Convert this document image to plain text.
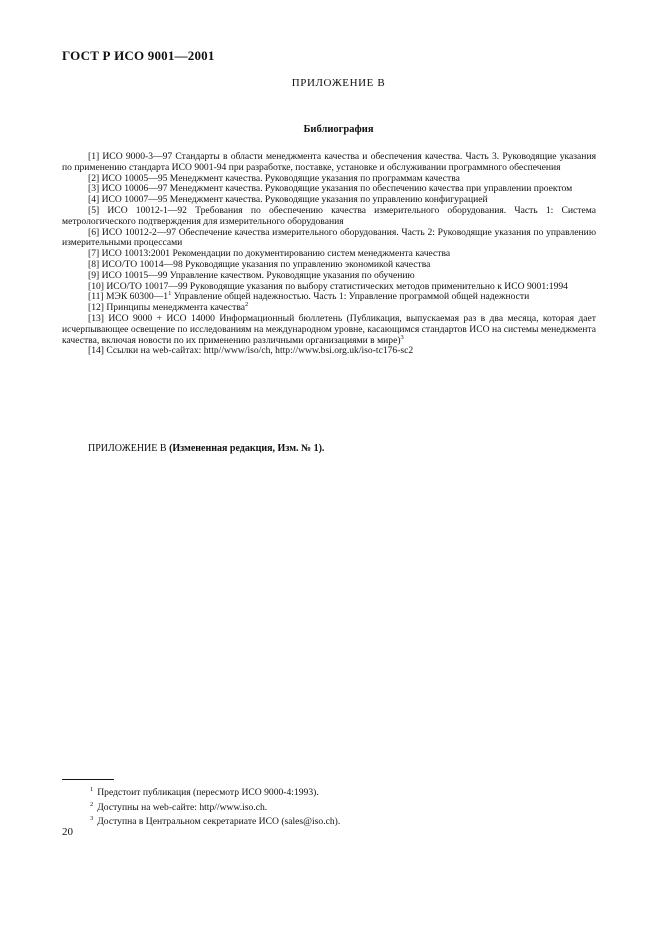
ГОСТ Р ИСО 9001—2001
ПРИЛОЖЕНИЕ В
Библиография

[1] ИСО 9000-3—97 Стандарты в области менеджмента качества и обеспечения качества. Часть 3. Руководящие указания по применению стандарта ИСО 9001-94 при разработке, поставке, установке и обслуживании программного обеспечения

[2] ИСО 10005—95 Менеджмент качества. Руководящие указания по программам качества

[3] ИСО 10006—97 Менеджмент качества. Руководящие указания по обеспечению качества при управлении проектом

[4] ИСО 10007—95 Менеджмент качества. Руководящие указания по управлению конфигурацией

[5] ИСО 10012-1—92 Требования по обеспечению качества измерительного оборудования. Часть 1: Система метрологического подтверждения для измерительного оборудования

[6] ИСО 10012-2—97 Обеспечение качества измерительного оборудования. Часть 2: Руководящие указания по управлению измерительными процессами

[7] ИСО 10013:2001 Рекомендации по документированию систем менеджмента качества

[8] ИСО/ТО 10014—98 Руководящие указания по управлению экономикой качества

[9] ИСО 10015—99 Управление качеством. Руководящие указания по обучению

[10] ИСО/ТО 10017—99 Руководящие указания по выбору статистических методов применительно к ИСО 9001:1994

[11] МЭК $60300—1^1$ Управление общей надежностью. Часть 1: Управление программой общей надежности

[12] Принципы менеджмента качества$^2$

[13] ИСО 9000 + ИСО 14000 Информационный бюллетень (Публикация, выпускаемая раз в два месяца, которая дает исчерпывающее освещение по исследованиям на международном уровне, касающимся стандартов ИСО на системы менеджмента качества, включая новости по их применению различными организациями в мире)$^3$

[14] Ссылки на web-сайтах: http//www/iso/ch, http://www.bsi.org.uk/iso-tc176-sc2

ПРИЛОЖЕНИЕ В (Измененная редакция, Изм. № 1).

$^1$ Предстоит публикация (пересмотр ИСО 9000-4:1993).

$^2$ Доступны на web-сайте: http//www.iso.ch.

$^3$ Доступна в Центральном секретариате ИСО (sales@iso.ch).

20
